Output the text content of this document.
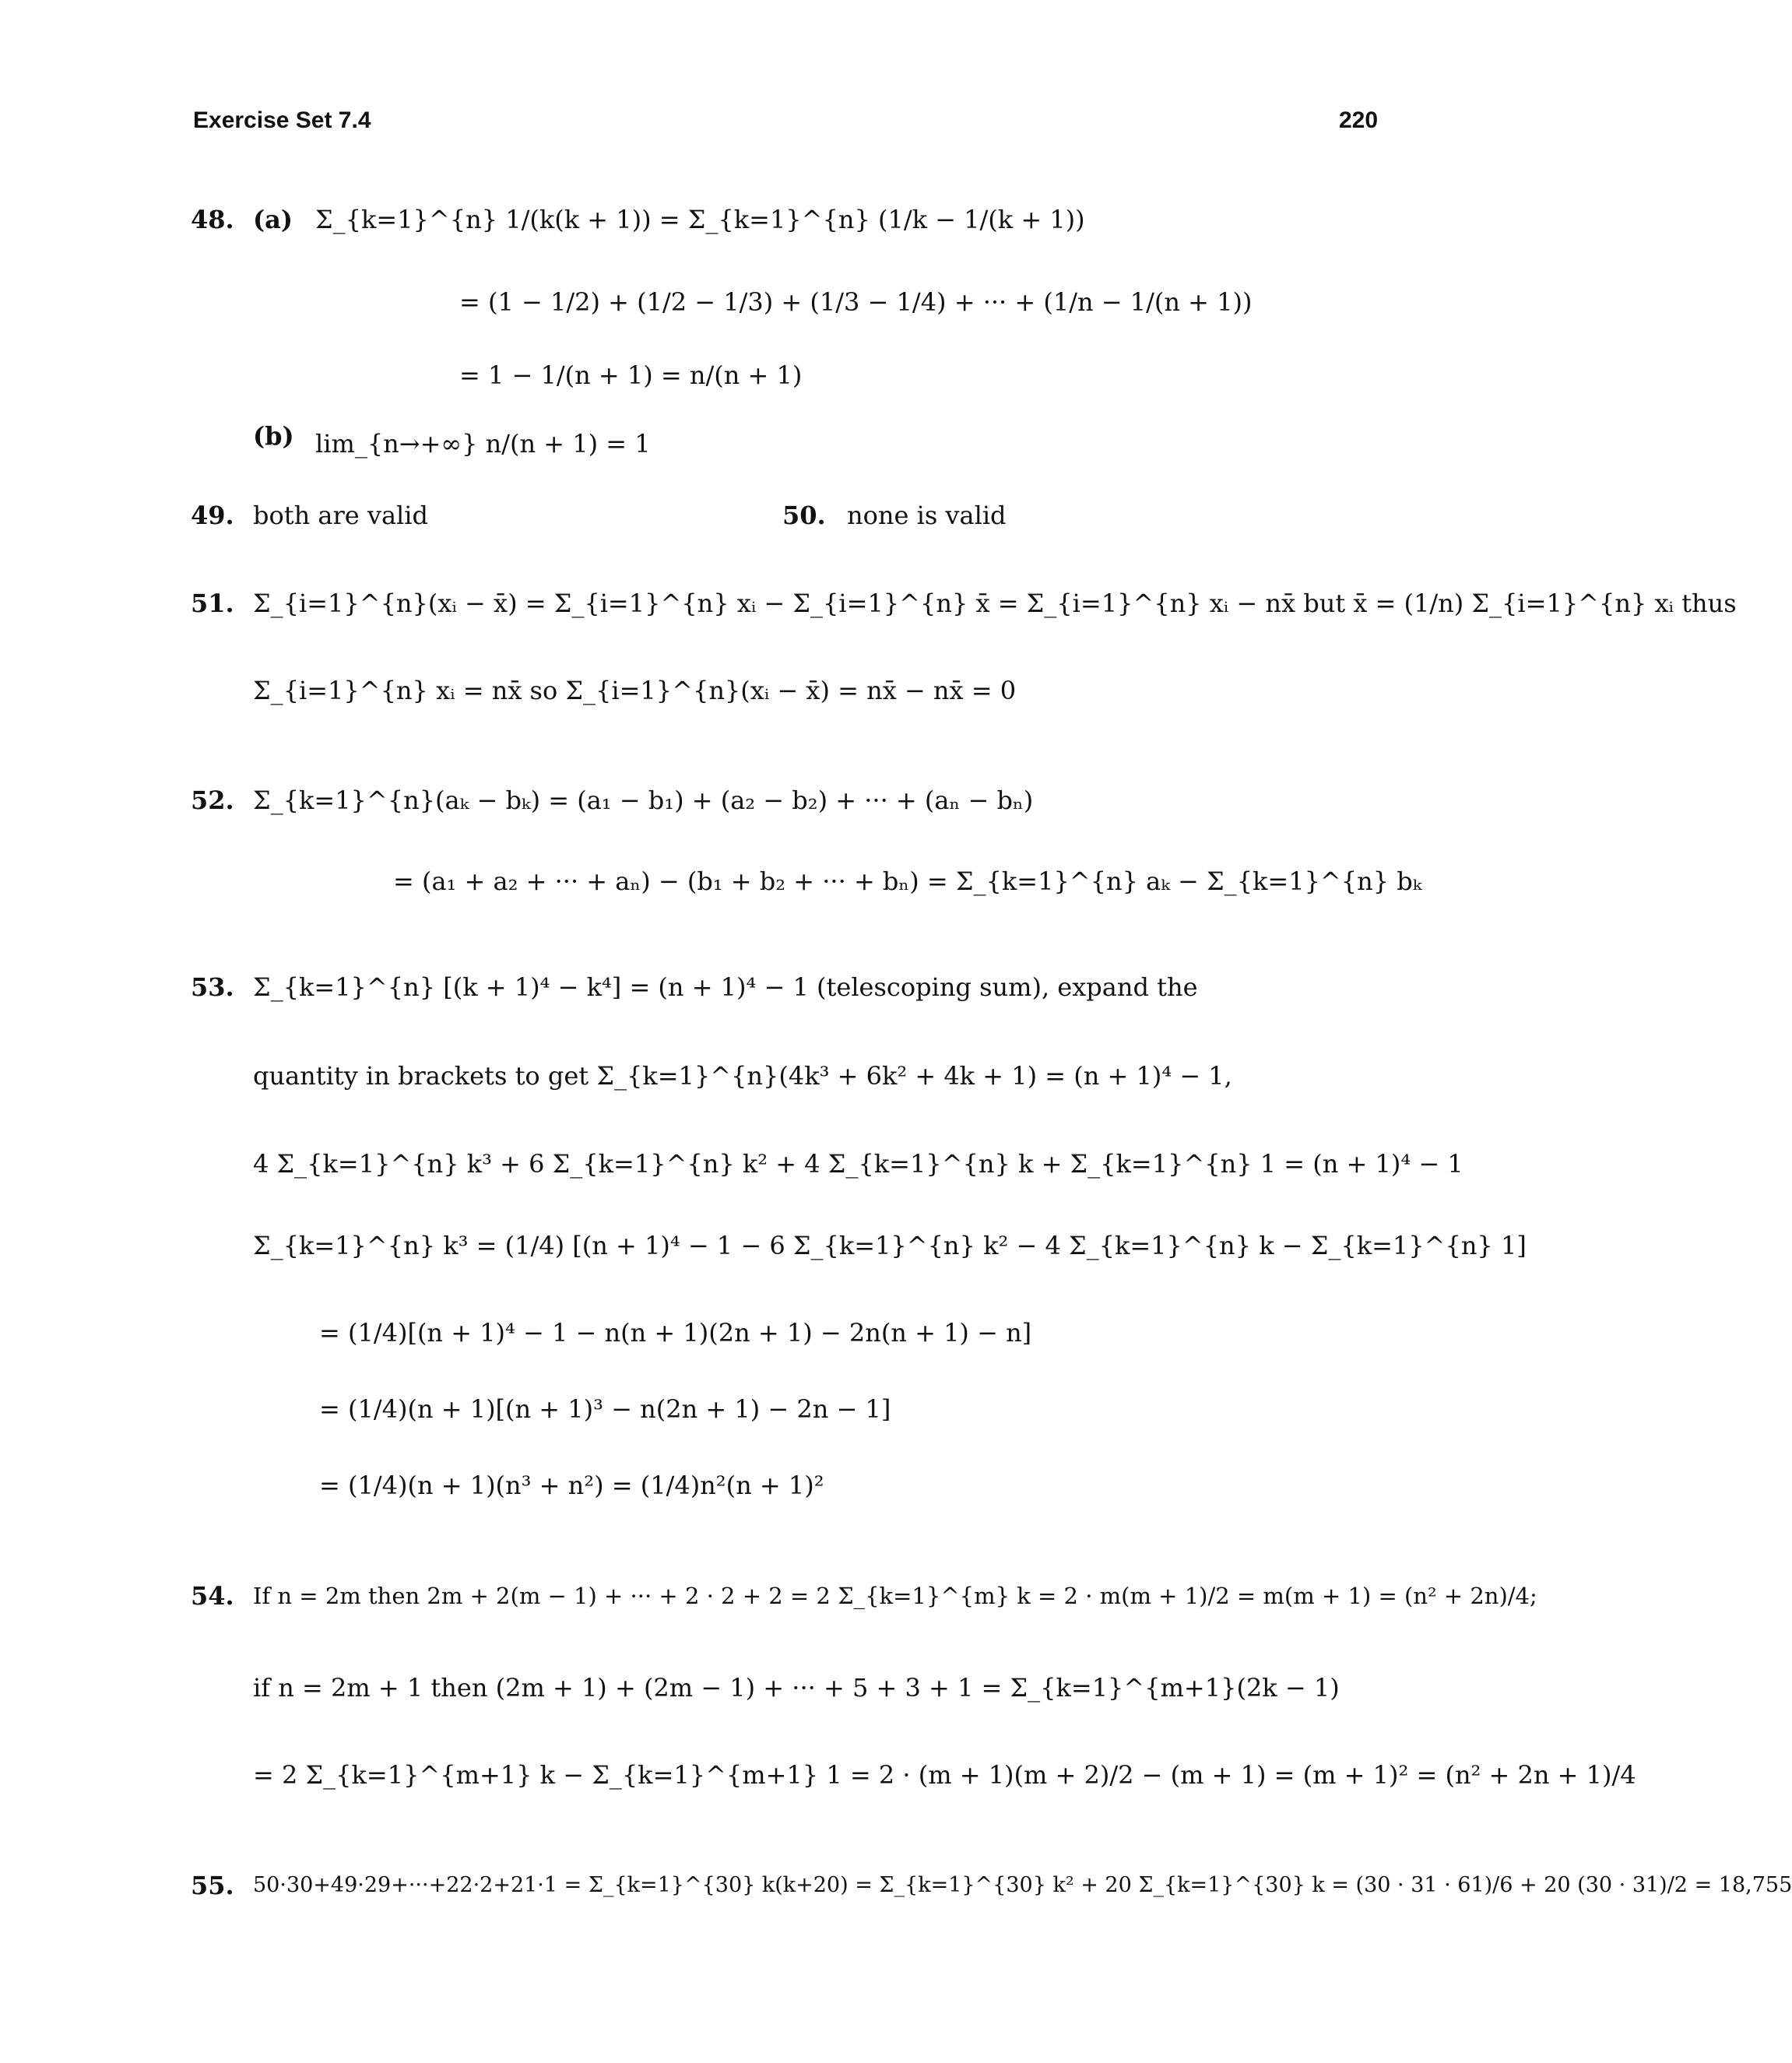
Exercise Set 7.4	220
48. (a) Σ_{k=1}^{n} 1/(k(k + 1)) = Σ_{k=1}^{n} (1/k − 1/(k + 1))
= (1 − 1/2) + (1/2 − 1/3) + (1/3 − 1/4) + ··· + (1/n − 1/(n + 1))
= 1 − 1/(n + 1) = n/(n + 1)
(b) lim_{n→+∞} n/(n + 1) = 1
49. both are valid	50. none is valid
51. Σ_{i=1}^{n}(xᵢ − x̄) = Σ_{i=1}^{n} xᵢ − Σ_{i=1}^{n} x̄ = Σ_{i=1}^{n} xᵢ − nx̄ but x̄ = (1/n) Σ_{i=1}^{n} xᵢ thus
Σ_{i=1}^{n} xᵢ = nx̄ so Σ_{i=1}^{n}(xᵢ − x̄) = nx̄ − nx̄ = 0
52. Σ_{k=1}^{n}(aₖ − bₖ) = (a₁ − b₁) + (a₂ − b₂) + ··· + (aₙ − bₙ)
= (a₁ + a₂ + ··· + aₙ) − (b₁ + b₂ + ··· + bₙ) = Σ_{k=1}^{n} aₖ − Σ_{k=1}^{n} bₖ
53. Σ_{k=1}^{n} [(k + 1)⁴ − k⁴] = (n + 1)⁴ − 1 (telescoping sum), expand the
quantity in brackets to get Σ_{k=1}^{n}(4k³ + 6k² + 4k + 1) = (n + 1)⁴ − 1,
4 Σ_{k=1}^{n} k³ + 6 Σ_{k=1}^{n} k² + 4 Σ_{k=1}^{n} k + Σ_{k=1}^{n} 1 = (n + 1)⁴ − 1
Σ_{k=1}^{n} k³ = (1/4) [(n + 1)⁴ − 1 − 6 Σ_{k=1}^{n} k² − 4 Σ_{k=1}^{n} k − Σ_{k=1}^{n} 1]
= (1/4)[(n + 1)⁴ − 1 − n(n + 1)(2n + 1) − 2n(n + 1) − n]
= (1/4)(n + 1)[(n + 1)³ − n(2n + 1) − 2n − 1]
= (1/4)(n + 1)(n³ + n²) = (1/4)n²(n + 1)²
54. If n = 2m then 2m + 2(m − 1) + ··· + 2 · 2 + 2 = 2 Σ_{k=1}^{m} k = 2 · m(m + 1)/2 = m(m + 1) = (n² + 2n)/4;
if n = 2m + 1 then (2m + 1) + (2m − 1) + ··· + 5 + 3 + 1 = Σ_{k=1}^{m+1}(2k − 1)
= 2 Σ_{k=1}^{m+1} k − Σ_{k=1}^{m+1} 1 = 2 · (m + 1)(m + 2)/2 − (m + 1) = (m + 1)² = (n² + 2n + 1)/4
55. 50·30+49·29+···+22·2+21·1 = Σ_{k=1}^{30} k(k+20) = Σ_{k=1}^{30} k² + 20 Σ_{k=1}^{30} k = (30 · 31 · 61)/6 + 20 (30 · 31)/2 = 18,755
